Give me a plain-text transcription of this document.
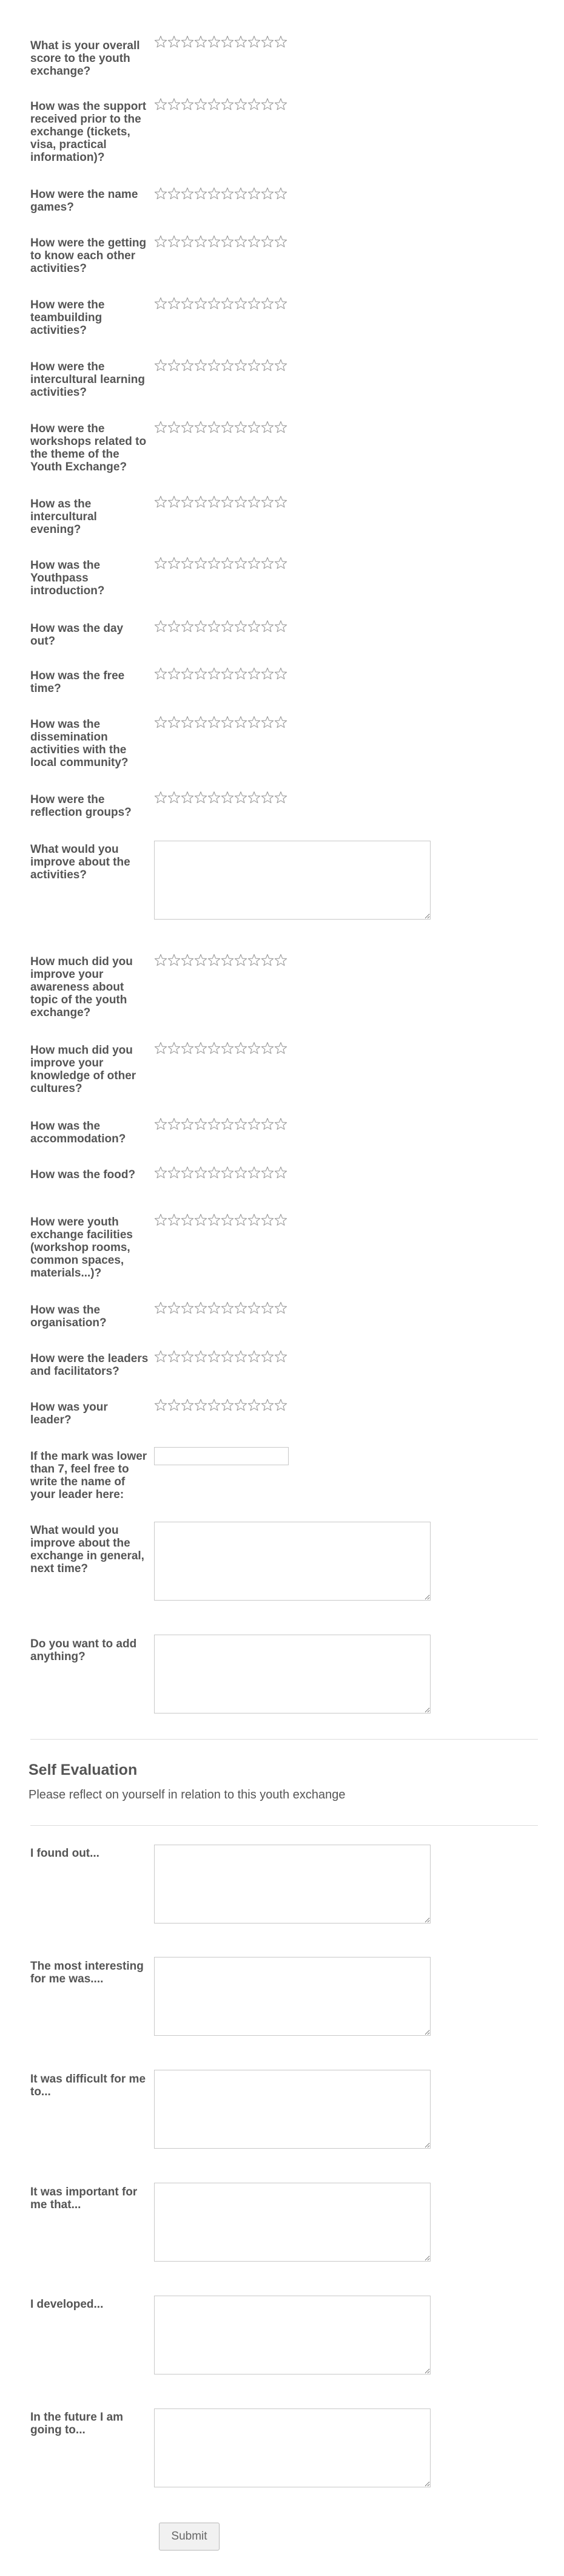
What is your overall score to the youth exchange?
How was the support received prior to the exchange (tickets, visa, practical information)?
How were the name games?
How were the getting to know each other activities?
How were the teambuilding activities?
How were the intercultural learning activities?
How were the workshops related to the theme of the Youth Exchange?
How as the intercultural evening?
How was the Youthpass introduction?
How was the day out?
How was the free time?
How was the dissemination activities with the local community?
How were the reflection groups?
What would you improve about the activities?
How much did you improve your awareness about topic of the youth exchange?
How much did you improve your knowledge of other cultures?
How was the accommodation?
How was the food?
How were youth exchange facilities (workshop rooms, common spaces, materials...)?
How was the organisation?
How were the leaders and facilitators?
How was your leader?
If the mark was lower than 7, feel free to write the name of your leader here:
What would you improve about the exchange in general, next time?
Do you want to add anything?
Self Evaluation
Please reflect on yourself in relation to this youth exchange
I found out...
The most interesting for me was....
It was difficult for me to...
It was important for me that...
I developed...
In the future I am going to...
Submit
